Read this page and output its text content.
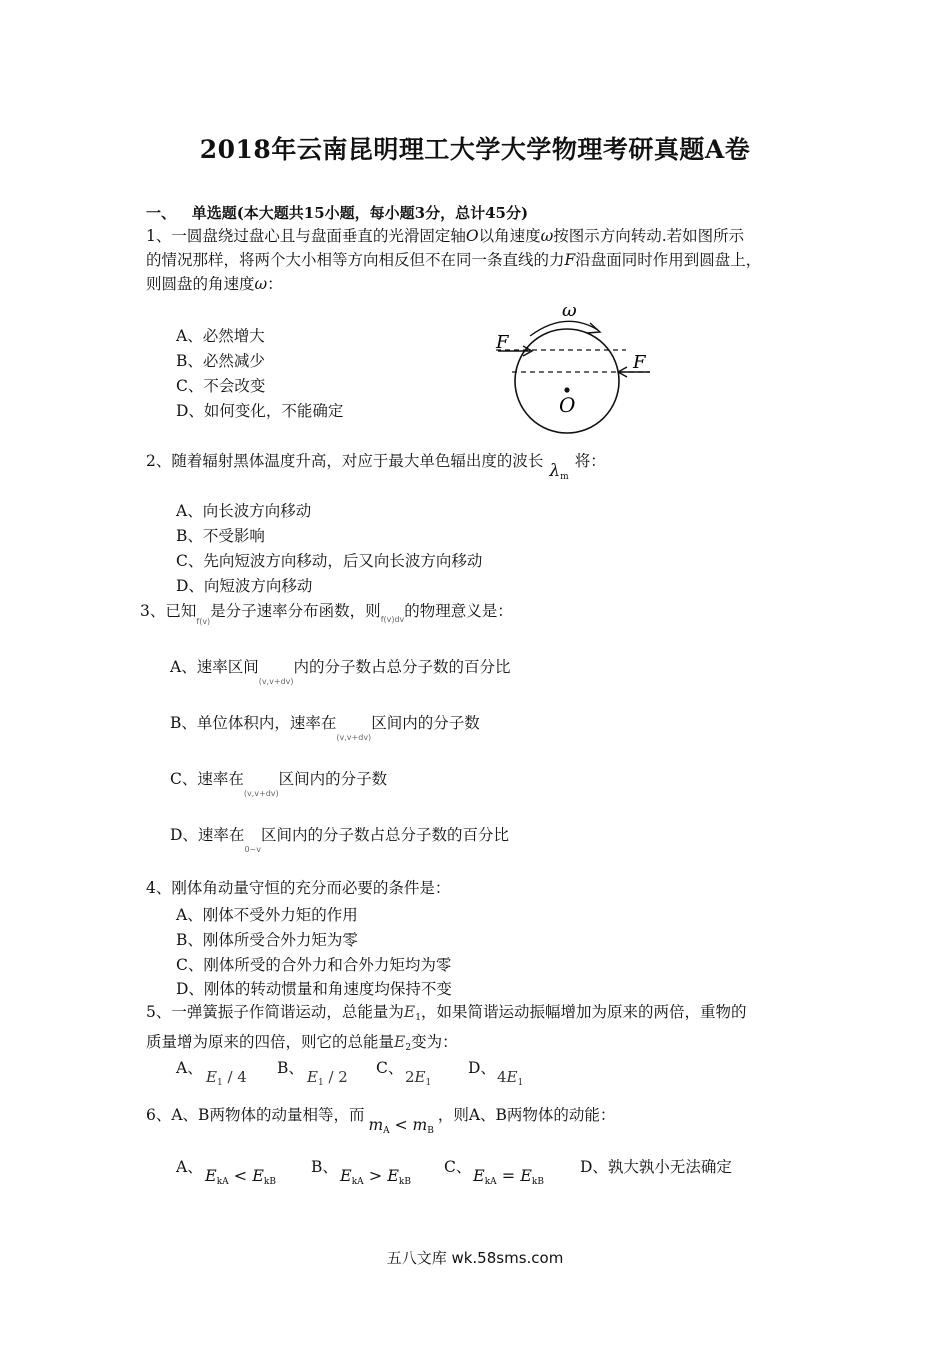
2018年云南昆明理工大学大学物理考研真题A卷
一、 单选题(本大题共15小题，每小题3分，总计45分)
1、一圆盘绕过盘心且与盘面垂直的光滑固定轴O以角速度ω按图示方向转动.若如图所示
的情况那样，将两个大小相等方向相反但不在同一条直线的力F沿盘面同时作用到圆盘上，
则圆盘的角速度ω：
A、必然增大
B、必然减少
C、不会改变
D、如何变化，不能确定
ω
F
F
O
2、随着辐射黑体温度升高，对应于最大单色辐出度的波长 $\lambda_m$将：
A、向长波方向移动
B、不受影响
C、先向短波方向移动，后又向长波方向移动
D、向短波方向移动
3、已知$_{f(v)}$是分子速率分布函数，则$_{f(v)dv}$的物理意义是：
A、速率区间$_{(v,v+dv)}$内的分子数占总分子数的百分比
B、单位体积内，速率在$_{(v,v+dv)}$区间内的分子数
C、速率在$_{(v,v+dv)}$区间内的分子数
D、速率在$_{0\sim v}$区间内的分子数占总分子数的百分比
4、刚体角动量守恒的充分而必要的条件是：
A、刚体不受外力矩的作用
B、刚体所受合外力矩为零
C、刚体所受的合外力和合外力矩均为零
D、刚体的转动惯量和角速度均保持不变
5、一弹簧振子作简谐运动，总能量为$E_1$，如果简谐运动振幅增加为原来的两倍，重物的
质量增为原来的四倍，则它的总能量$E_2$变为：
A、 $E_1 / 4$ B、 $E_1 / 2$ C、 $2E_1$
D、 $4E_1$
6、A、B两物体的动量相等，而$m_A < m_B$，则A、B两物体的动能：
A、 $E_{kA} < E_{kB}$
B、 $E_{kA} > E_{kB}$
C、 $E_{kA} = E_{kB}$
D、孰大孰小无法确定
五八文库 wk.58sms.com
